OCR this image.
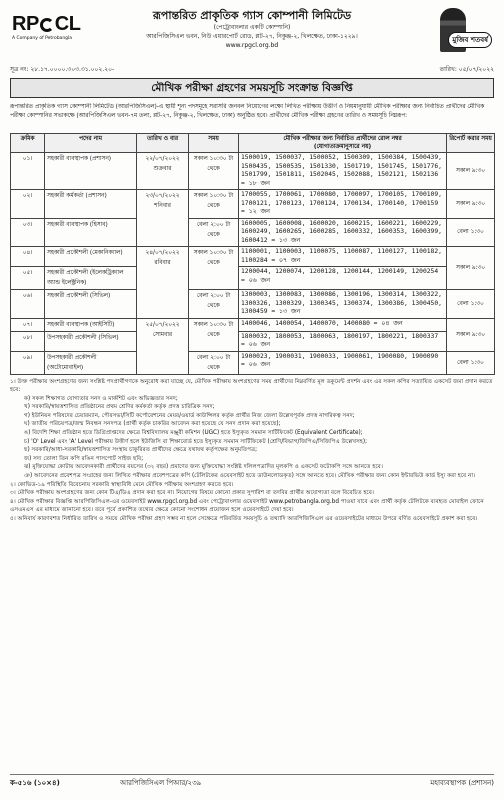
RP CL
A Company of Petrobangla
রূপান্তরিত প্রাকৃতিক গ্যাস কোম্পানী লিমিটেড
(পেট্রোবাংলার একটি কোম্পানি)
আরপিজিসিএল ভবন, নিউ এয়ারপোর্ট রোড, প্লট-২৭, নিকুঞ্জ-২, খিলক্ষেত, ঢাকা-১২২৯।
www.rpgcl.org.bd
মুজিব শতবর্ষ
সূত্র নং: ২৮.১৭.০০০০.৩০৩.৩১.০০২.২০-	তারিখ: ০৫/০৭/২০২২
মৌখিক পরীক্ষা গ্রহণের সময়সূচি সংক্রান্ত বিজ্ঞপ্তি
রূপান্তরিত প্রাকৃতিক গ্যাস কোম্পানী লিমিটেড (আরপিজিসিএল)-এ স্থায়ী শূন্য পদসমূহে সরাসরি জনবল নিয়োগের লক্ষ্যে লিখিত পরীক্ষায় উত্তীর্ণ ও নিয়মানুযায়ী মৌখিক পরীক্ষার জন্য নির্বাচিত প্রার্থীদের মৌখিক পরীক্ষা কোম্পানির সভাকক্ষে (আরপিজিসিএল ভবন-৭ম তলা, প্লট-২৭, নিকুঞ্জ-২, খিলক্ষেত, ঢাকা) অনুষ্ঠিত হবে। প্রার্থীদের মৌখিক পরীক্ষা গ্রহণের তারিখ ও সময়সূচি নিম্নরূপ:
ক্রমিক	পদের নাম	তারিখ ও বার	সময়	মৌখিক পরীক্ষার জন্য নির্বাচিত প্রার্থীদের রোল নম্বর
(যোগ্যতাক্রমানুসারে নয়)	রিপোর্ট করার সময়
০১।	সহকারী ব্যবস্থাপক (প্রশাসন)	২২/০৭/২০২২
শুক্রবার	সকাল ১০:৩০ টা থেকে	1500019, 1500037, 1500052, 1500309, 1500384, 1500439, 1500435, 1500535, 1501330, 1501719, 1501745, 1501776, 1501799, 1501811, 1502045, 1502088, 1502121, 1502136 = ১৮ জন	সকাল ৯:৩০
০২।	সহকারী কর্মকর্তা (প্রশাসন)	২৩/০৭/২০২২
শনিবার	সকাল ১০:৩০ টা থেকে	1700055, 1700061, 1700080, 1700097, 1700105, 1700109, 1700121, 1700123, 1700124, 1700134, 1700140, 1700159 = ১২ জন	সকাল ৯:৩০
০৩।	সহকারী ব্যবস্থাপক (হিসাব)		বেলা ২:০০ টা থেকে	1600005, 1600008, 1600020, 1600215, 1600221, 1600229, 1600249, 1600265, 1600285, 1600332, 1600353, 1600399, 1600412 = ১৩ জন	বেলা ১:৩০
০৪।	সহকারী প্রকৌশলী (মেকানিক্যাল)	২৪/০৭/২০২২
রবিবার	সকাল ১০:৩০ টা থেকে	1100001, 1100003, 1100075, 1100087, 1100127, 1100182, 1100284 = ০৭ জন	সকাল ৯:৩০
০৫।	সহকারী প্রকৌশলী (ইলেকট্রিক্যাল অ্যান্ড ইলেক্ট্রনিক)			1200044, 1200074, 1200128, 1200144, 1200149, 1200254 = ০৬ জন	
০৬।	সহকারী প্রকৌশলী (সিভিল)		বেলা ২:০০ টা থেকে	1300003, 1300083, 1300086, 1300196, 1300314, 1300322, 1300326, 1300329, 1300345, 1300374, 1300386, 1300450, 1300459 = ১৩ জন	বেলা ১:৩০
০৭।	সহকারী ব্যবস্থাপক (আইসিটি)	২৫/০৭/২০২২
সোমবার	সকাল ১০:৩০ টা থেকে	1400046, 1400054, 1400070, 1400080 = ০৪ জন	সকাল ৯:৩০
০৮।	উপসহকারী প্রকৌশলী (সিভিল)			1800032, 1800053, 1800063, 1800197, 1800221, 1800337 = ০৬ জন	
০৯।	উপসহকারী প্রকৌশলী (অটোমোবাইল)		বেলা ২:০০ টা থেকে	1900023, 1900031, 1900033, 1900061, 1900080, 1900090 = ০৬ জন	বেলা ১:৩০
১। উক্ত পরীক্ষায় অংশগ্রহণের জন্য সংশ্লিষ্ট পদপ্রার্থীগণকে অনুরোধ করা যাচ্ছে যে, মৌখিক পরীক্ষায় অংশগ্রহণের সময় প্রার্থীদের নিম্নবর্ণিত মূল ডকুমেন্ট প্রদর্শন এবং এর সকল কপির সত্যায়িত একসেট জমা প্রদান করতে হবে:
ক) সকল শিক্ষাগত যোগ্যতার সনদ ও মার্কশিট এবং অভিজ্ঞতার সনদ;
খ) সরকারি/স্বায়ত্তশাসিত প্রতিষ্ঠানের প্রথম শ্রেণির কর্মকর্তা কর্তৃক প্রদত্ত চারিত্রিক সনদ;
গ) ইউনিয়ন পরিষদের চেয়ারম্যান, পৌরসভা/সিটি কর্পোরেশনের মেয়র/ওয়ার্ড কাউন্সিলর কর্তৃক প্রার্থীর নিজ জেলা উল্লেখপূর্বক প্রদত্ত নাগরিকত্ব সনদ;
ঘ) জাতীয় পরিচয়পত্র/জন্ম নিবন্ধন সনদপত্র (প্রার্থী কর্তৃক চাকরির আবেদন করা হয়েছে যে সনদ প্রদান করা হয়েছে);
ঙ) বিদেশি শিক্ষা প্রতিষ্ঠান হতে ডিগ্রিপ্রাপ্তদের ক্ষেত্রে বিশ্ববিদ্যালয় মঞ্জুরী কমিশন (UGC) হতে ইস্যুকৃত সমমান সার্টিফিকেট (Equivalent Certificate);
চ) 'O' Level এবং 'A' Level পরীক্ষায় উত্তীর্ণ হলে ইউজিসি বা শিক্ষাবোর্ড হতে ইস্যুকৃত সমমান সার্টিফিকেট (শ্রেণি/বিভাগ/জিপিএ/সিজিপিএ উল্লেখসহ);
ছ) সরকারি/আধা-সরকারি/স্বায়ত্তশাসিত সংস্থায় চাকুরিরত প্রার্থীদের ক্ষেত্রে যথাযথ কর্তৃপক্ষের অনুমতিপত্র;
জ) সদ্য তোলা তিন কপি রঙিন পাসপোর্ট সাইজ ছবি;
ঝ) মুক্তিযোদ্ধা কোটায় আবেদনকারী প্রার্থীদের বয়সের (৩২ বছর) প্রমাণের জন্য মুক্তিযোদ্ধা সংশ্লিষ্ট দলিলপত্রাদির মূলকপি ও একসেট ফটোকপি সঙ্গে আনতে হবে।
ঞ) আবেদনের প্রবেশপত্র সংগ্রহের জন্য লিখিত পরীক্ষার প্রবেশপত্রের কপি (টেলিটকের ওয়েবসাইট হতে ডাউনলোডকৃত) সঙ্গে আনতে হবে। মৌখিক পরীক্ষার জন্য কোন ইন্টারভিউ কার্ড ইস্যু করা হবে না।
২। কোভিড-১৯ পরিস্থিতি বিবেচনায় সরকারি স্বাস্থ্যবিধি মেনে মৌখিক পরীক্ষায় অংশগ্রহণ করতে হবে।
৩। মৌখিক পরীক্ষায় অংশগ্রহণের জন্য কোন টিএ/ডিএ প্রদান করা হবে না। নিয়োগের বিষয়ে কোনো প্রকার সুপারিশ বা তদবির প্রার্থীর অযোগ্যতা বলে বিবেচিত হবে।
৪। মৌখিক পরীক্ষার বিজ্ঞপ্তি আরপিজিসিএল-এর ওয়েবসাইট www.rpgcl.org.bd এবং পেট্রোবাংলার ওয়েবসাইট www.petrobangla.org.bd পাওয়া যাবে এবং প্রার্থী কর্তৃক টেলিটকে ব্যবহৃত মোবাইল ফোনে এসএমএস এর মাধ্যমে জানানো হবে। তবে পূর্বে প্রকাশিত তথ্যের ক্ষেত্রে কোনো সংশোধন প্রয়োজন হলে ওয়েবসাইটে দেয়া হবে।
৫। অনিবার্য কারণবশত নির্ধারিত তারিখ ও সময়ে মৌখিক পরীক্ষা গ্রহণ সম্ভব না হলে সেক্ষেত্রে পরিবর্তিত সময়সূচি ও তথ্যাদি আরপিজিসিএল এর ওয়েবসাইটের মাধ্যমে উপরে বর্ণিত ওয়েবসাইটে প্রকাশ করা হবে।
ক-৫১৬ (১০×৪)	আরপিজিসিএল পিআর/২৩৯	মহাব্যবস্থাপক (প্রশাসন)
